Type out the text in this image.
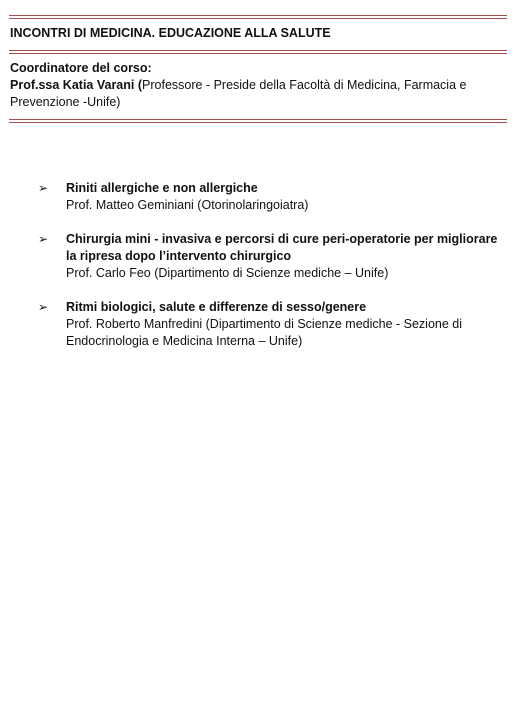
INCONTRI DI MEDICINA. EDUCAZIONE ALLA SALUTE
Coordinatore del corso:
Prof.ssa Katia Varani (Professore - Preside della Facoltà di Medicina, Farmacia e Prevenzione -Unife)
➢ Riniti allergiche e non allergiche
Prof. Matteo Geminiani (Otorinolaringoiatra)
➢ Chirurgia mini - invasiva e percorsi di cure peri-operatorie per migliorare la ripresa dopo l’intervento chirurgico
Prof. Carlo Feo (Dipartimento di Scienze mediche – Unife)
➢ Ritmi biologici, salute e differenze di sesso/genere
Prof. Roberto Manfredini (Dipartimento di Scienze mediche - Sezione di Endocrinologia e Medicina Interna – Unife)
